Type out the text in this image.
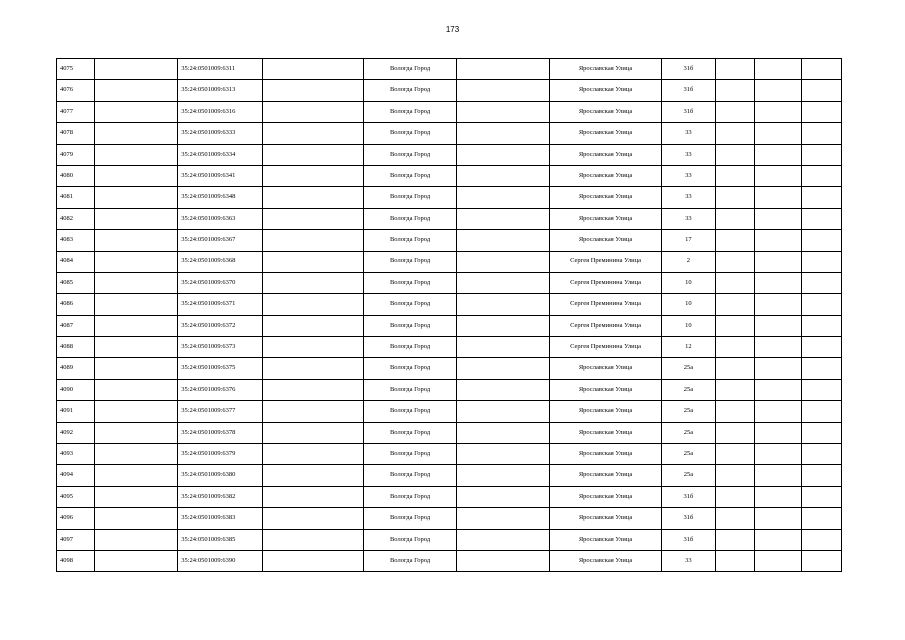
173
4075		35:24:0501009:6311		Вологда Город		Ярославская Улица	31б			
4076		35:24:0501009:6313		Вологда Город		Ярославская Улица	31б			
4077		35:24:0501009:6316		Вологда Город		Ярославская Улица	31б			
4078		35:24:0501009:6333		Вологда Город		Ярославская Улица	33			
4079		35:24:0501009:6334		Вологда Город		Ярославская Улица	33			
4080		35:24:0501009:6341		Вологда Город		Ярославская Улица	33			
4081		35:24:0501009:6348		Вологда Город		Ярославская Улица	33			
4082		35:24:0501009:6363		Вологда Город		Ярославская Улица	33			
4083		35:24:0501009:6367		Вологда Город		Ярославская Улица	17			
4084		35:24:0501009:6368		Вологда Город		Сергея Преминина Улица	2			
4085		35:24:0501009:6370		Вологда Город		Сергея Преминина Улица	10			
4086		35:24:0501009:6371		Вологда Город		Сергея Преминина Улица	10			
4087		35:24:0501009:6372		Вологда Город		Сергея Преминина Улица	10			
4088		35:24:0501009:6373		Вологда Город		Сергея Преминина Улица	12			
4089		35:24:0501009:6375		Вологда Город		Ярославская Улица	25а			
4090		35:24:0501009:6376		Вологда Город		Ярославская Улица	25а			
4091		35:24:0501009:6377		Вологда Город		Ярославская Улица	25а			
4092		35:24:0501009:6378		Вологда Город		Ярославская Улица	25а			
4093		35:24:0501009:6379		Вологда Город		Ярославская Улица	25а			
4094		35:24:0501009:6380		Вологда Город		Ярославская Улица	25а			
4095		35:24:0501009:6382		Вологда Город		Ярославская Улица	31б			
4096		35:24:0501009:6383		Вологда Город		Ярославская Улица	31б			
4097		35:24:0501009:6385		Вологда Город		Ярославская Улица	31б			
4098		35:24:0501009:6390		Вологда Город		Ярославская Улица	33			
